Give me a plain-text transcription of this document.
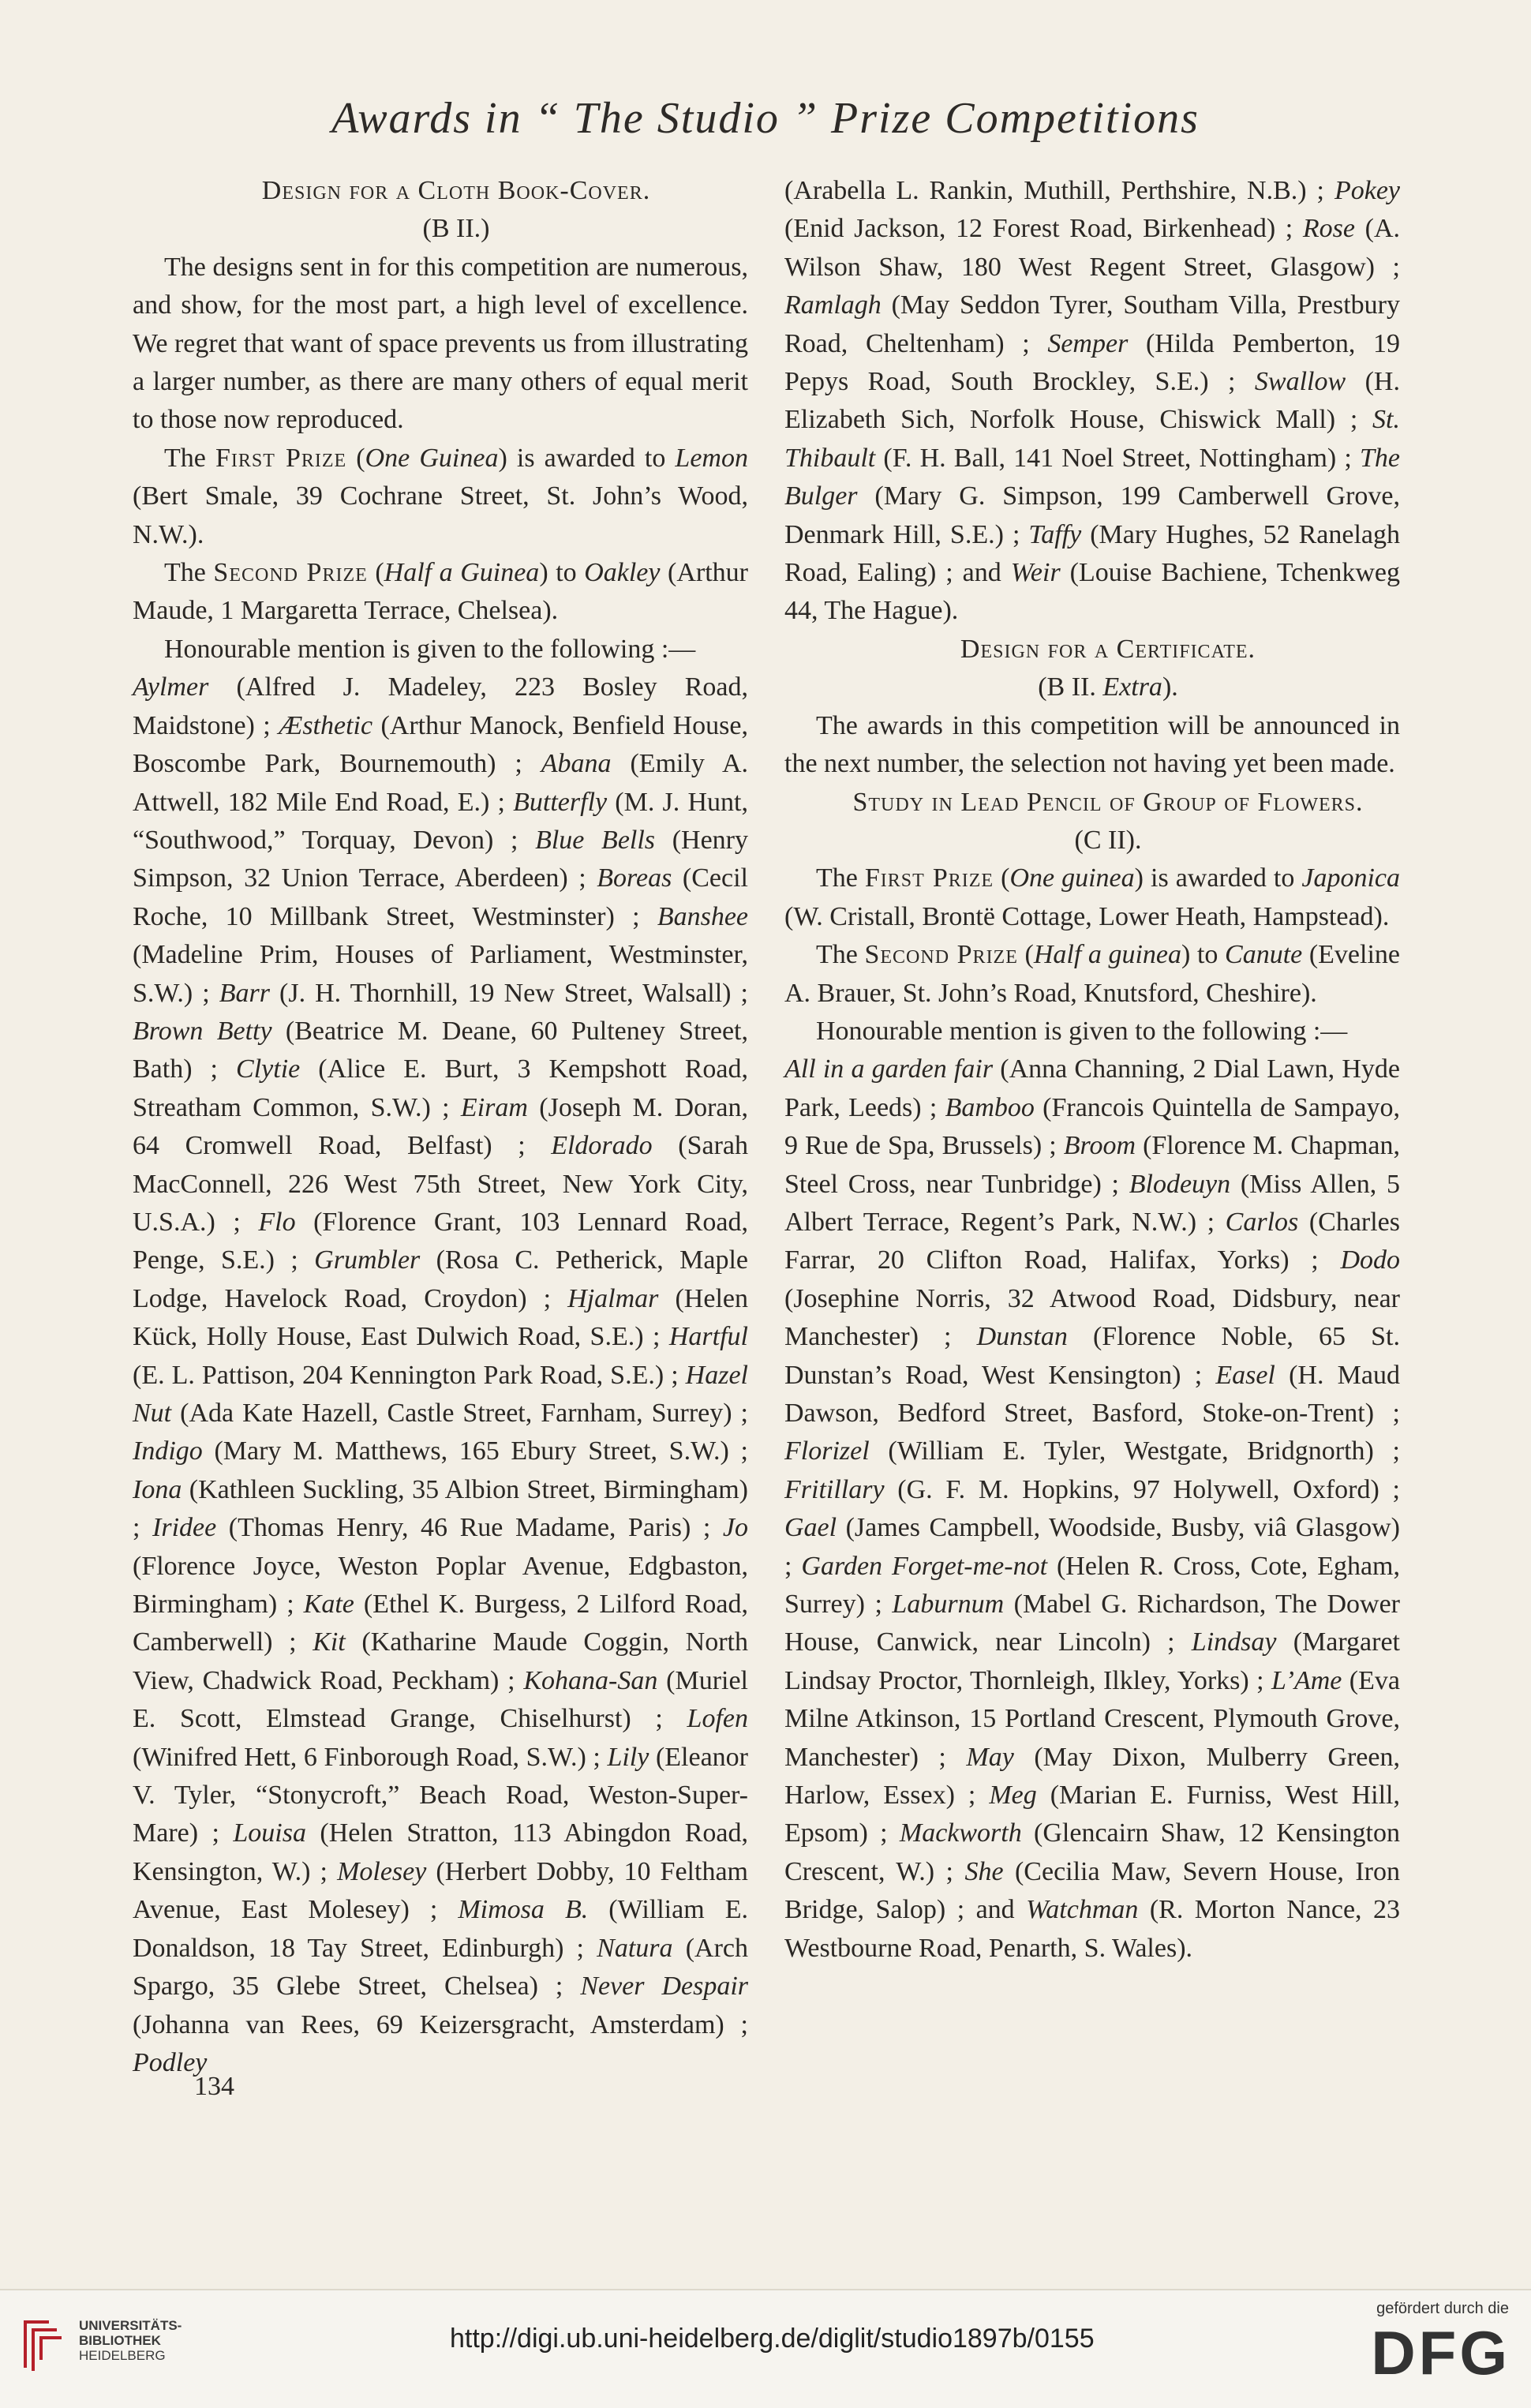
Awards in “ The Studio ” Prize Competitions

Design for a Cloth Book-Cover.

(B II.)

The designs sent in for this competition are numerous, and show, for the most part, a high level of excellence. We regret that want of space prevents us from illustrating a larger number, as there are many others of equal merit to those now reproduced.

The First Prize (One Guinea) is awarded to Lemon (Bert Smale, 39 Cochrane Street, St. John’s Wood, N.W.).

The Second Prize (Half a Guinea) to Oakley (Arthur Maude, 1 Margaretta Terrace, Chelsea).

Honourable mention is given to the following :—

Aylmer (Alfred J. Madeley, 223 Bosley Road, Maidstone) ; Æsthetic (Arthur Manock, Benfield House, Boscombe Park, Bournemouth) ; Abana (Emily A. Attwell, 182 Mile End Road, E.) ; Butterfly (M. J. Hunt, “Southwood,” Torquay, Devon) ; Blue Bells (Henry Simpson, 32 Union Terrace, Aberdeen) ; Boreas (Cecil Roche, 10 Millbank Street, Westminster) ; Banshee (Madeline Prim, Houses of Parliament, Westminster, S.W.) ; Barr (J. H. Thornhill, 19 New Street, Walsall) ; Brown Betty (Beatrice M. Deane, 60 Pulteney Street, Bath) ; Clytie (Alice E. Burt, 3 Kempshott Road, Streatham Common, S.W.) ; Eiram (Joseph M. Doran, 64 Cromwell Road, Belfast) ; Eldorado (Sarah MacConnell, 226 West 75th Street, New York City, U.S.A.) ; Flo (Florence Grant, 103 Lennard Road, Penge, S.E.) ; Grumbler (Rosa C. Petherick, Maple Lodge, Havelock Road, Croydon) ; Hjalmar (Helen Kück, Holly House, East Dulwich Road, S.E.) ; Hartful (E. L. Pattison, 204 Kennington Park Road, S.E.) ; Hazel Nut (Ada Kate Hazell, Castle Street, Farnham, Surrey) ; Indigo (Mary M. Matthews, 165 Ebury Street, S.W.) ; Iona (Kathleen Suckling, 35 Albion Street, Birmingham) ; Iridee (Thomas Henry, 46 Rue Madame, Paris) ; Jo (Florence Joyce, Weston Poplar Avenue, Edgbaston, Birmingham) ; Kate (Ethel K. Burgess, 2 Lilford Road, Camberwell) ; Kit (Katharine Maude Coggin, North View, Chadwick Road, Peckham) ; Kohana-San (Muriel E. Scott, Elmstead Grange, Chiselhurst) ; Lofen (Winifred Hett, 6 Finborough Road, S.W.) ; Lily (Eleanor V. Tyler, “Stonycroft,” Beach Road, Weston-Super-Mare) ; Louisa (Helen Stratton, 113 Abingdon Road, Kensington, W.) ; Molesey (Herbert Dobby, 10 Feltham Avenue, East Molesey) ; Mimosa B. (William E. Donaldson, 18 Tay Street, Edinburgh) ; Natura (Arch Spargo, 35 Glebe Street, Chelsea) ; Never Despair (Johanna van Rees, 69 Keizersgracht, Amsterdam) ; Podley

(Arabella L. Rankin, Muthill, Perthshire, N.B.) ; Pokey (Enid Jackson, 12 Forest Road, Birkenhead) ; Rose (A. Wilson Shaw, 180 West Regent Street, Glasgow) ; Ramlagh (May Seddon Tyrer, Southam Villa, Prestbury Road, Cheltenham) ; Semper (Hilda Pemberton, 19 Pepys Road, South Brockley, S.E.) ; Swallow (H. Elizabeth Sich, Norfolk House, Chiswick Mall) ; St. Thibault (F. H. Ball, 141 Noel Street, Nottingham) ; The Bulger (Mary G. Simpson, 199 Camberwell Grove, Denmark Hill, S.E.) ; Taffy (Mary Hughes, 52 Ranelagh Road, Ealing) ; and Weir (Louise Bachiene, Tchenkweg 44, The Hague).

Design for a Certificate.

(B II. Extra).

The awards in this competition will be announced in the next number, the selection not having yet been made.

Study in Lead Pencil of Group of Flowers.

(C II).

The First Prize (One guinea) is awarded to Japonica (W. Cristall, Brontë Cottage, Lower Heath, Hampstead).

The Second Prize (Half a guinea) to Canute (Eveline A. Brauer, St. John’s Road, Knutsford, Cheshire).

Honourable mention is given to the following :—

All in a garden fair (Anna Channing, 2 Dial Lawn, Hyde Park, Leeds) ; Bamboo (Francois Quintella de Sampayo, 9 Rue de Spa, Brussels) ; Broom (Florence M. Chapman, Steel Cross, near Tunbridge) ; Blodeuyn (Miss Allen, 5 Albert Terrace, Regent’s Park, N.W.) ; Carlos (Charles Farrar, 20 Clifton Road, Halifax, Yorks) ; Dodo (Josephine Norris, 32 Atwood Road, Didsbury, near Manchester) ; Dunstan (Florence Noble, 65 St. Dunstan’s Road, West Kensington) ; Easel (H. Maud Dawson, Bedford Street, Basford, Stoke-on-Trent) ; Florizel (William E. Tyler, Westgate, Bridgnorth) ; Fritillary (G. F. M. Hopkins, 97 Holywell, Oxford) ; Gael (James Campbell, Woodside, Busby, viâ Glasgow) ; Garden Forget-me-not (Helen R. Cross, Cote, Egham, Surrey) ; Laburnum (Mabel G. Richardson, The Dower House, Canwick, near Lincoln) ; Lindsay (Margaret Lindsay Proctor, Thornleigh, Ilkley, Yorks) ; L’Ame (Eva Milne Atkinson, 15 Portland Crescent, Plymouth Grove, Manchester) ; May (May Dixon, Mulberry Green, Harlow, Essex) ; Meg (Marian E. Furniss, West Hill, Epsom) ; Mackworth (Glencairn Shaw, 12 Kensington Crescent, W.) ; She (Cecilia Maw, Severn House, Iron Bridge, Salop) ; and Watchman (R. Morton Nance, 23 Westbourne Road, Penarth, S. Wales).

134
UNIVERSITÄTS-
BIBLIOTHEK
HEIDELBERG
http://digi.ub.uni-heidelberg.de/diglit/studio1897b/0155
gefördert durch die
DFG
